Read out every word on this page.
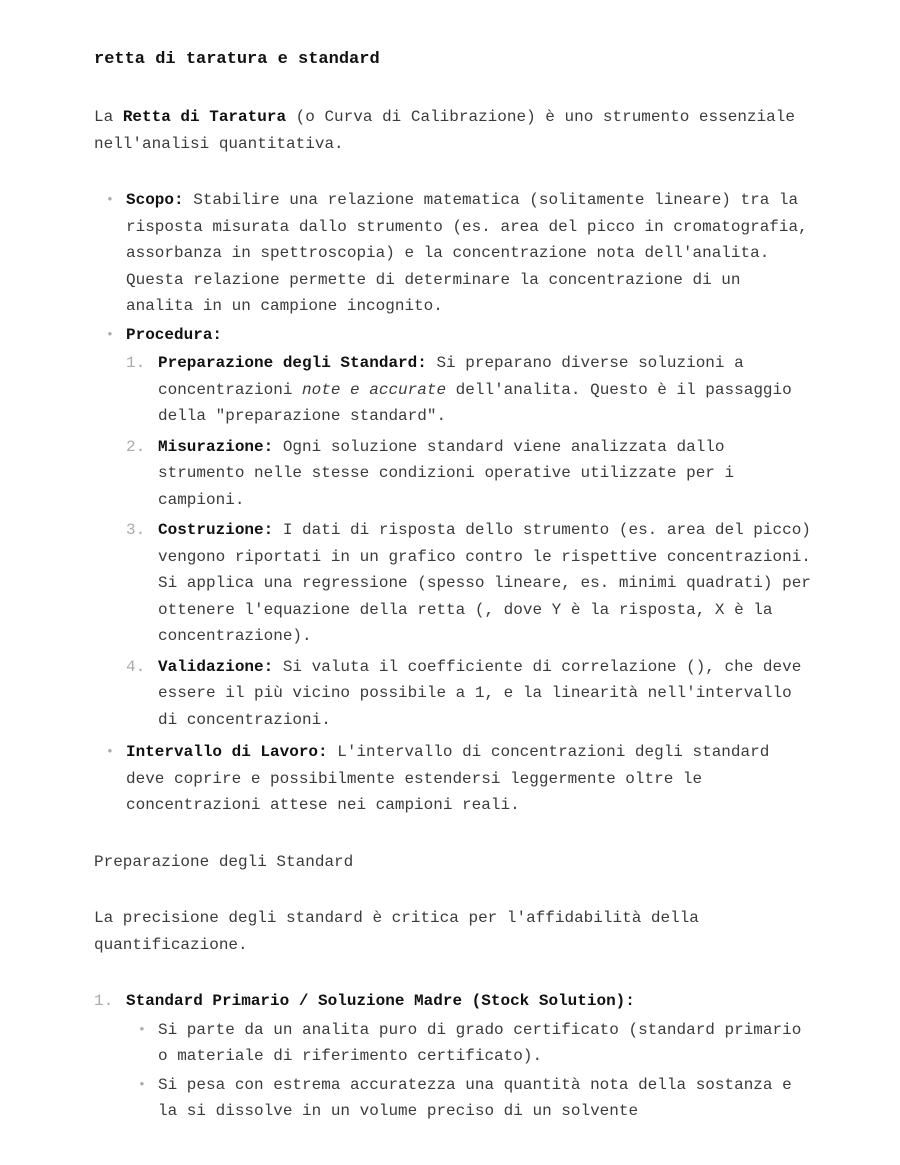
retta di taratura e standard

La Retta di Taratura (o Curva di Calibrazione) è uno strumento essenziale nell'analisi quantitativa.

• Scopo: Stabilire una relazione matematica (solitamente lineare) tra la risposta misurata dallo strumento (es. area del picco in cromatografia, assorbanza in spettroscopia) e la concentrazione nota dell'analita. Questa relazione permette di determinare la concentrazione di un analita in un campione incognito.
• Procedura:
1. Preparazione degli Standard: Si preparano diverse soluzioni a concentrazioni note e accurate dell'analita. Questo è il passaggio della "preparazione standard".
2. Misurazione: Ogni soluzione standard viene analizzata dallo strumento nelle stesse condizioni operative utilizzate per i campioni.
3. Costruzione: I dati di risposta dello strumento (es. area del picco) vengono riportati in un grafico contro le rispettive concentrazioni. Si applica una regressione (spesso lineare, es. minimi quadrati) per ottenere l'equazione della retta (, dove Y è la risposta, X è la concentrazione).
4. Validazione: Si valuta il coefficiente di correlazione (), che deve essere il più vicino possibile a 1, e la linearità nell'intervallo di concentrazioni.
• Intervallo di Lavoro: L'intervallo di concentrazioni degli standard deve coprire e possibilmente estendersi leggermente oltre le concentrazioni attese nei campioni reali.

Preparazione degli Standard

La precisione degli standard è critica per l'affidabilità della quantificazione.

1. Standard Primario / Soluzione Madre (Stock Solution):
• Si parte da un analita puro di grado certificato (standard primario o materiale di riferimento certificato).
• Si pesa con estrema accuratezza una quantità nota della sostanza e la si dissolve in un volume preciso di un solvente
